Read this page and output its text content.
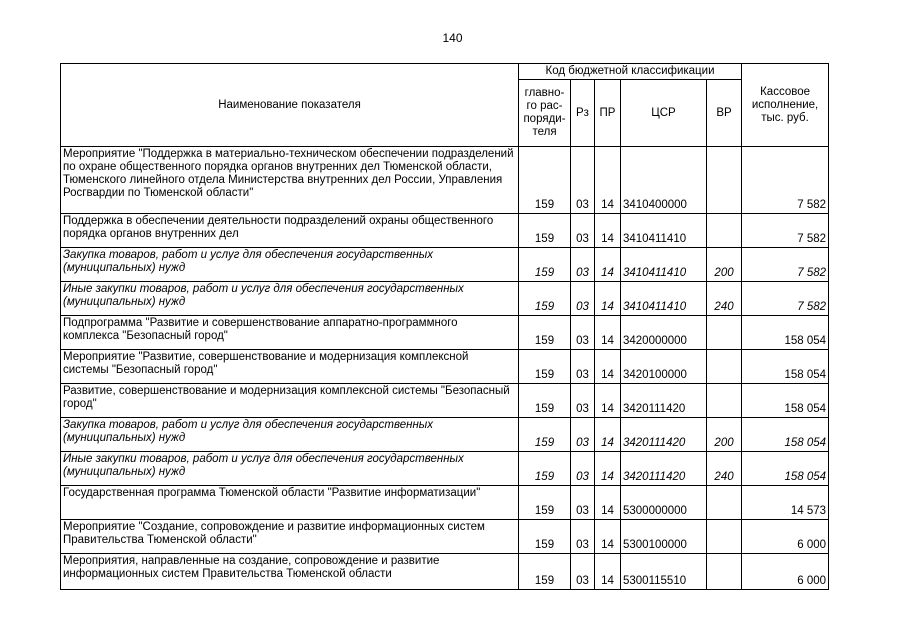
140
Наименование показателя	Код бюджетной классификации					Кассовое исполнение, тыс. руб.
	главно-го рас-поряди-теля	Рз	ПР	ЦСР	ВР	
Мероприятие "Поддержка в материально-техническом обеспечении подразделений по охране общественного порядка органов внутренних дел Тюменской области, Тюменского линейного отдела Министерства внутренних дел России, Управления Росгвардии по Тюменской области"	159	03	14	3410400000		7 582
Поддержка в обеспечении деятельности подразделений охраны общественного порядка органов внутренних дел	159	03	14	3410411410		7 582
Закупка товаров, работ и услуг для обеспечения государственных (муниципальных) нужд	159	03	14	3410411410	200	7 582
Иные закупки товаров, работ и услуг для обеспечения государственных (муниципальных) нужд	159	03	14	3410411410	240	7 582
Подпрограмма "Развитие и совершенствование аппаратно-программного комплекса "Безопасный город"	159	03	14	3420000000		158 054
Мероприятие "Развитие, совершенствование и модернизация комплексной системы "Безопасный город"	159	03	14	3420100000		158 054
Развитие, совершенствование и модернизация комплексной системы "Безопасный город"	159	03	14	3420111420		158 054
Закупка товаров, работ и услуг для обеспечения государственных (муниципальных) нужд	159	03	14	3420111420	200	158 054
Иные закупки товаров, работ и услуг для обеспечения государственных (муниципальных) нужд	159	03	14	3420111420	240	158 054
Государственная программа Тюменской области "Развитие информатизации"	159	03	14	5300000000		14 573
Мероприятие "Создание, сопровождение и развитие информационных систем Правительства Тюменской области"	159	03	14	5300100000		6 000
Мероприятия, направленные на создание, сопровождение и развитие информационных систем Правительства Тюменской области	159	03	14	5300115510		6 000
